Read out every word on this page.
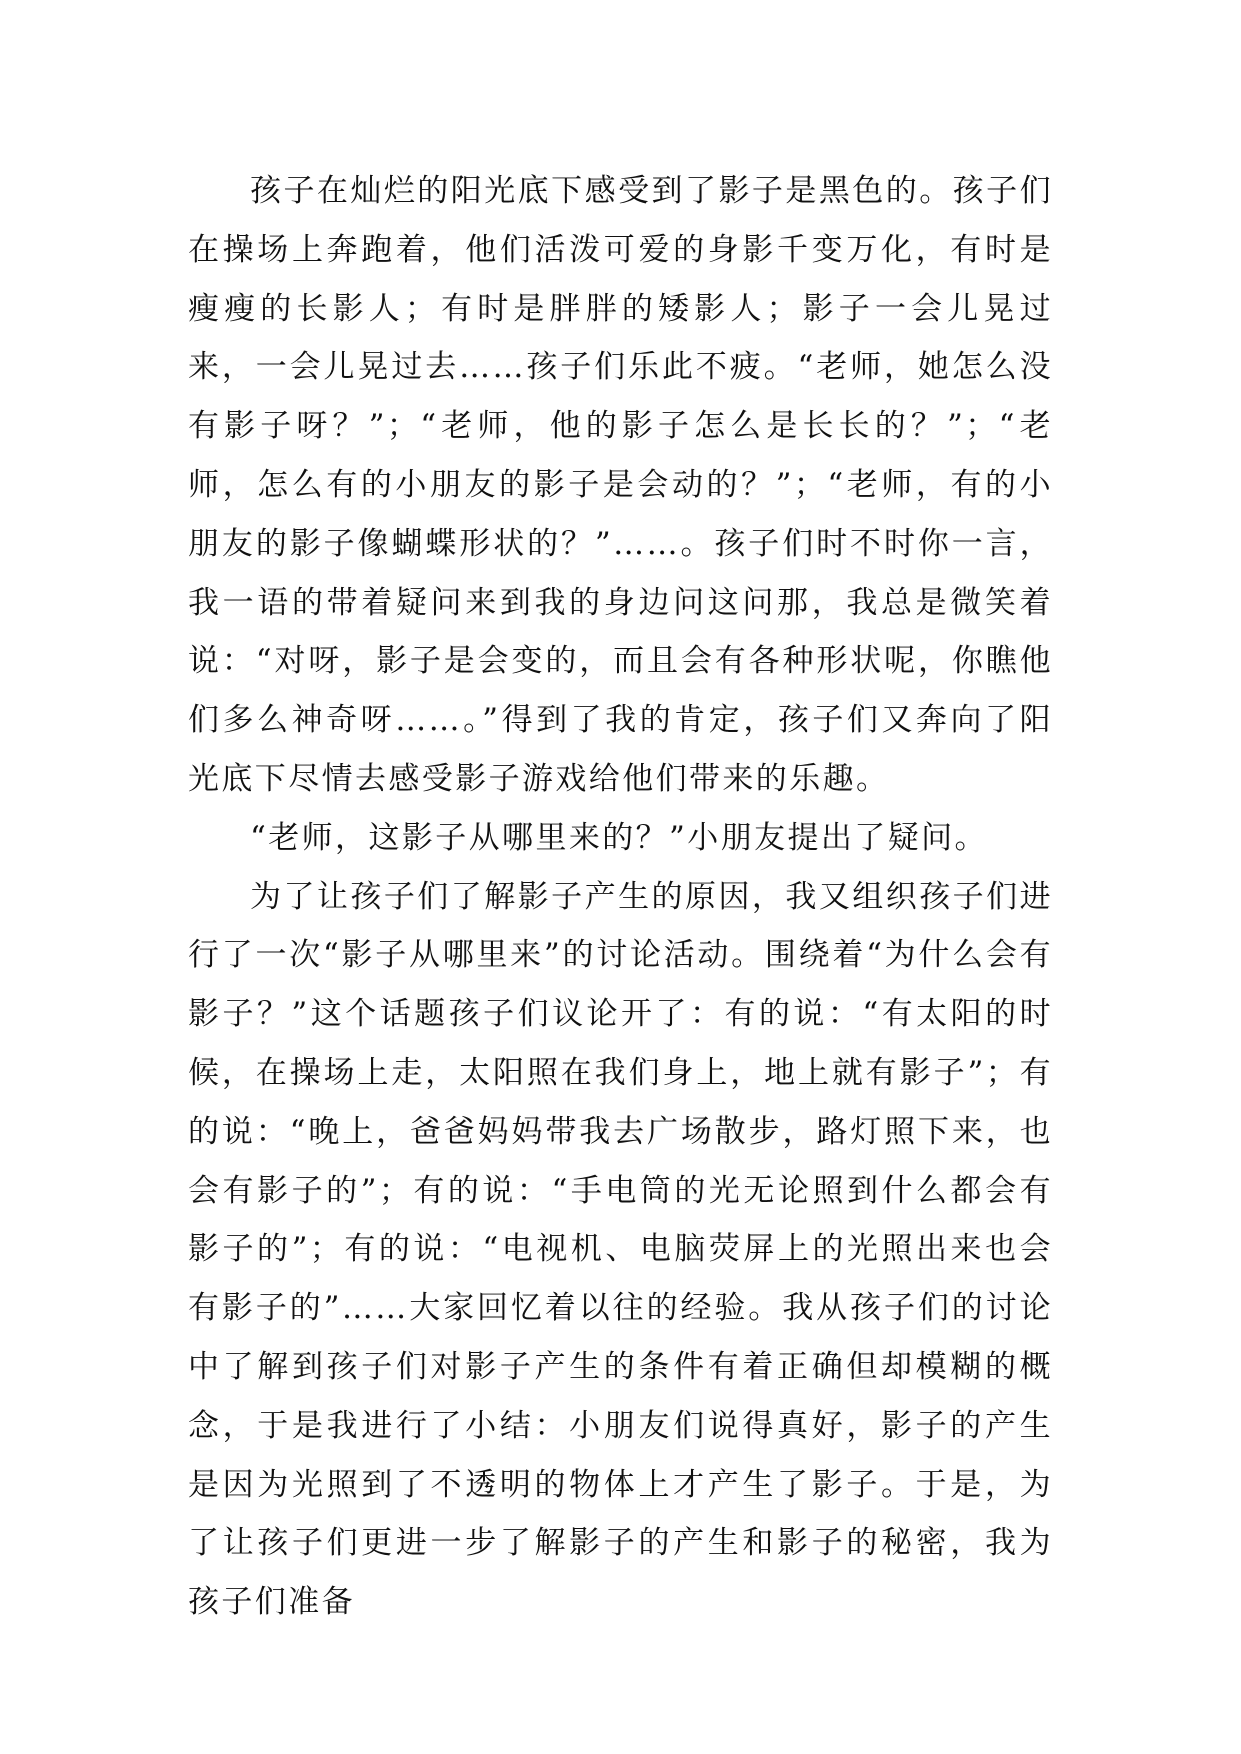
孩子在灿烂的阳光底下感受到了影子是黑色的。孩子们在操场上奔跑着，他们活泼可爱的身影千变万化，有时是瘦瘦的长影人；有时是胖胖的矮影人；影子一会儿晃过来，一会儿晃过去……孩子们乐此不疲。“老师，她怎么没有影子呀？”；“老师，他的影子怎么是长长的？”；“老师，怎么有的小朋友的影子是会动的？”；“老师，有的小朋友的影子像蝴蝶形状的？”……。孩子们时不时你一言，我一语的带着疑问来到我的身边问这问那，我总是微笑着说：“对呀，影子是会变的，而且会有各种形状呢，你瞧他们多么神奇呀……。”得到了我的肯定，孩子们又奔向了阳光底下尽情去感受影子游戏给他们带来的乐趣。

“老师，这影子从哪里来的？”小朋友提出了疑问。

为了让孩子们了解影子产生的原因，我又组织孩子们进行了一次“影子从哪里来”的讨论活动。围绕着“为什么会有影子？”这个话题孩子们议论开了：有的说：“有太阳的时候，在操场上走，太阳照在我们身上，地上就有影子”；有的说：“晚上，爸爸妈妈带我去广场散步，路灯照下来，也会有影子的”；有的说：“手电筒的光无论照到什么都会有影子的”；有的说：“电视机、电脑荧屏上的光照出来也会有影子的”……大家回忆着以往的经验。我从孩子们的讨论中了解到孩子们对影子产生的条件有着正确但却模糊的概念，于是我进行了小结：小朋友们说得真好，影子的产生是因为光照到了不透明的物体上才产生了影子。于是，为了让孩子们更进一步了解影子的产生和影子的秘密，我为孩子们准备
